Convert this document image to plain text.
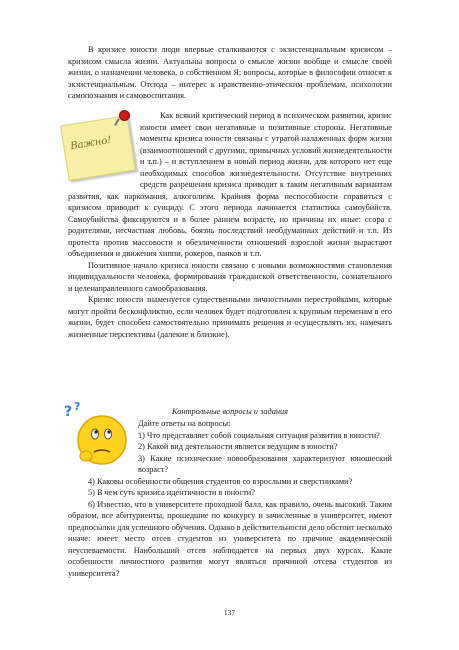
В кризисе юности люди впервые сталкиваются с экзистенциальным кризисом – кризисом смысла жизни. Актуальны вопросы о смысле жизни вообще и смысле своей жизни, о назначении человека, о собственном Я; вопросы, которые в философии относят к экзистенциальным. Отсюда – интерес к нравственно-этическим проблемам, психологии самопознания и самовоспитания.
Важно!

Как всякий критический период в психическом развитии, кризис юности имеет свои негативные и позитивные стороны. Негативные моменты кризиса юности связаны с утратой налаженных форм жизни (взаимоотношений с другими, привычных условий жизнедеятельности и т.п.) – и вступлением в новый период жизни, для которого нет еще необходимых способов жизнедеятельности. Отсутствие внутренних средств разрешения кризиса приводит к таким негативным вариантам развития, как наркомания, алкоголизм. Крайняя форма неспособности справиться с кризисом приводит к суициду. С этого периода начинается статистика самоубийств. Самоубийства фиксируются и в более раннем возрасте, но причины их иные: ссора с родителями, несчастная любовь, боязнь последствий необдуманных действий и т.п. Из протеста против массовости и обезличенности отношений взрослой жизни вырастают объединения и движения хиппи, рокеров, панков и т.п.

Позитивное начало кризиса юности связано с новыми возможностями становления индивидуальности человека, формирования гражданской ответственности, сознательного и целенаправленного самообразования.

Кризис юности знаменуется существенными личностными перестройками, которые могут пройти бесконфликтно, если человек будет подготовлен к крупным переменам в его жизни, будет способен самостоятельно принимать решения и осуществлять их, намечать жизненные перспективы (далекие и близкие).

Контрольные вопросы и задания
? ?

Дайте ответы на вопросы:

1) Что представляет собой социальная ситуация развития в юности?

2) Какой вид деятельности является ведущим в юности?

3) Какие психические новообразования характеризуют юношеский возраст?

4) Каковы особенности общения студентов со взрослыми и сверстниками?

5) В чем суть кризиса идентичности в юности?

6) Известно, что в университете проходной балл, как правило, очень высокий. Таким образом, все абитуриенты, прошедшие по конкурсу и зачисленные в университет, имеют предпосылки для успешного обучения. Однако в действительности дело обстоит несколько иначе: имеет место отсев студентов из университета по причине академической неуспеваемости. Наибольший отсев наблюдается на первых двух курсах. Какие особенности личностного развития могут являться причиной отсева студентов из университета?

137
